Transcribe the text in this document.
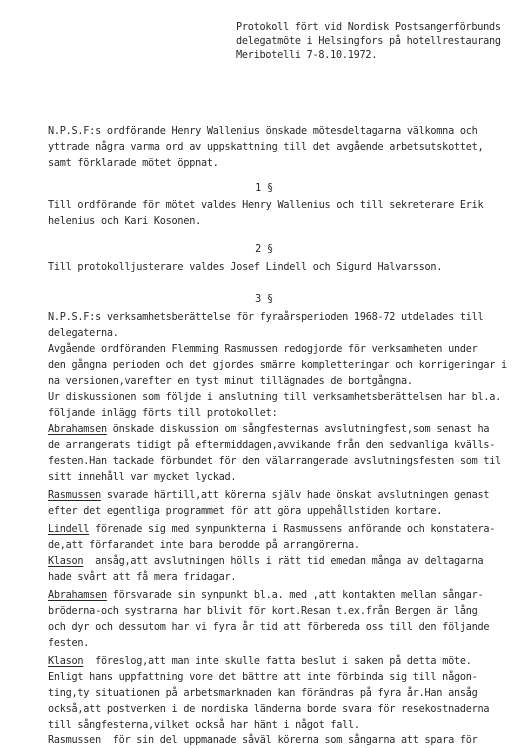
Protokoll fört vid Nordisk Postsangerförbunds
delegatmöte i Helsingfors på hotellrestaurang
Meribotelli 7-8.10.1972.
N.P.S.F:s ordförande Henry Wallenius önskade mötesdeltagarna välkomna och
yttrade några varma ord av uppskattning till det avgående arbetsutskottet,
samt förklarade mötet öppnat.
1 §
Till ordförande för mötet valdes Henry Wallenius och till sekreterare Erik
helenius och Kari Kosonen.
2 §
Till protokolljusterare valdes Josef Lindell och Sigurd Halvarsson.
3 §
N.P.S.F:s verksamhetsberättelse för fyraårsperioden 1968-72 utdelades till
delegaterna.
Avgående ordföranden Flemming Rasmussen redogjorde för verksamheten under
den gångna perioden och det gjordes smärre kompletteringar och korrigeringar i
na versionen,varefter en tyst minut tillägnades de bortgångna.
Ur diskussionen som följde i anslutning till verksamhetsberättelsen har bl.a.
följande inlägg förts till protokollet:
Abrahamsen önskade diskussion om sångfesternas avslutningfest,som senast ha
de arrangerats tidigt på eftermiddagen,avvikande från den sedvanliga kvälls-
festen.Han tackade förbundet för den välarrangerade avslutningsfesten som til
sitt innehåll var mycket lyckad.
Rasmussen svarade härtill,att körerna själv hade önskat avslutningen genast
efter det egentliga programmet för att göra uppehållstiden kortare.
Lindell förenade sig med synpunkterna i Rasmussens anförande och konstatera-
de,att förfarandet inte bara berodde på arrangörerna.
Klason  ansåg,att avslutningen hölls i rätt tid emedan många av deltagarna
hade svårt att få mera fridagar.
Abrahamsen försvarade sin synpunkt bl.a. med ,att kontakten mellan sångar-
bröderna-och systrarna har blivit för kort.Resan t.ex.från Bergen är lång
och dyr och dessutom har vi fyra år tid att förbereda oss till den följande
festen.
Klason  föreslog,att man inte skulle fatta beslut i saken på detta möte.
Enligt hans uppfattning vore det bättre att inte förbinda sig till någon-
ting,ty situationen på arbetsmarknaden kan förändras på fyra år.Han ansåg
också,att postverken i de nordiska länderna borde svara för resekostnaderna
till sångfesterna,vilket också har hänt i något fall.
Rasmussen  för sin del uppmanade såväl körerna som sångarna att spara för
